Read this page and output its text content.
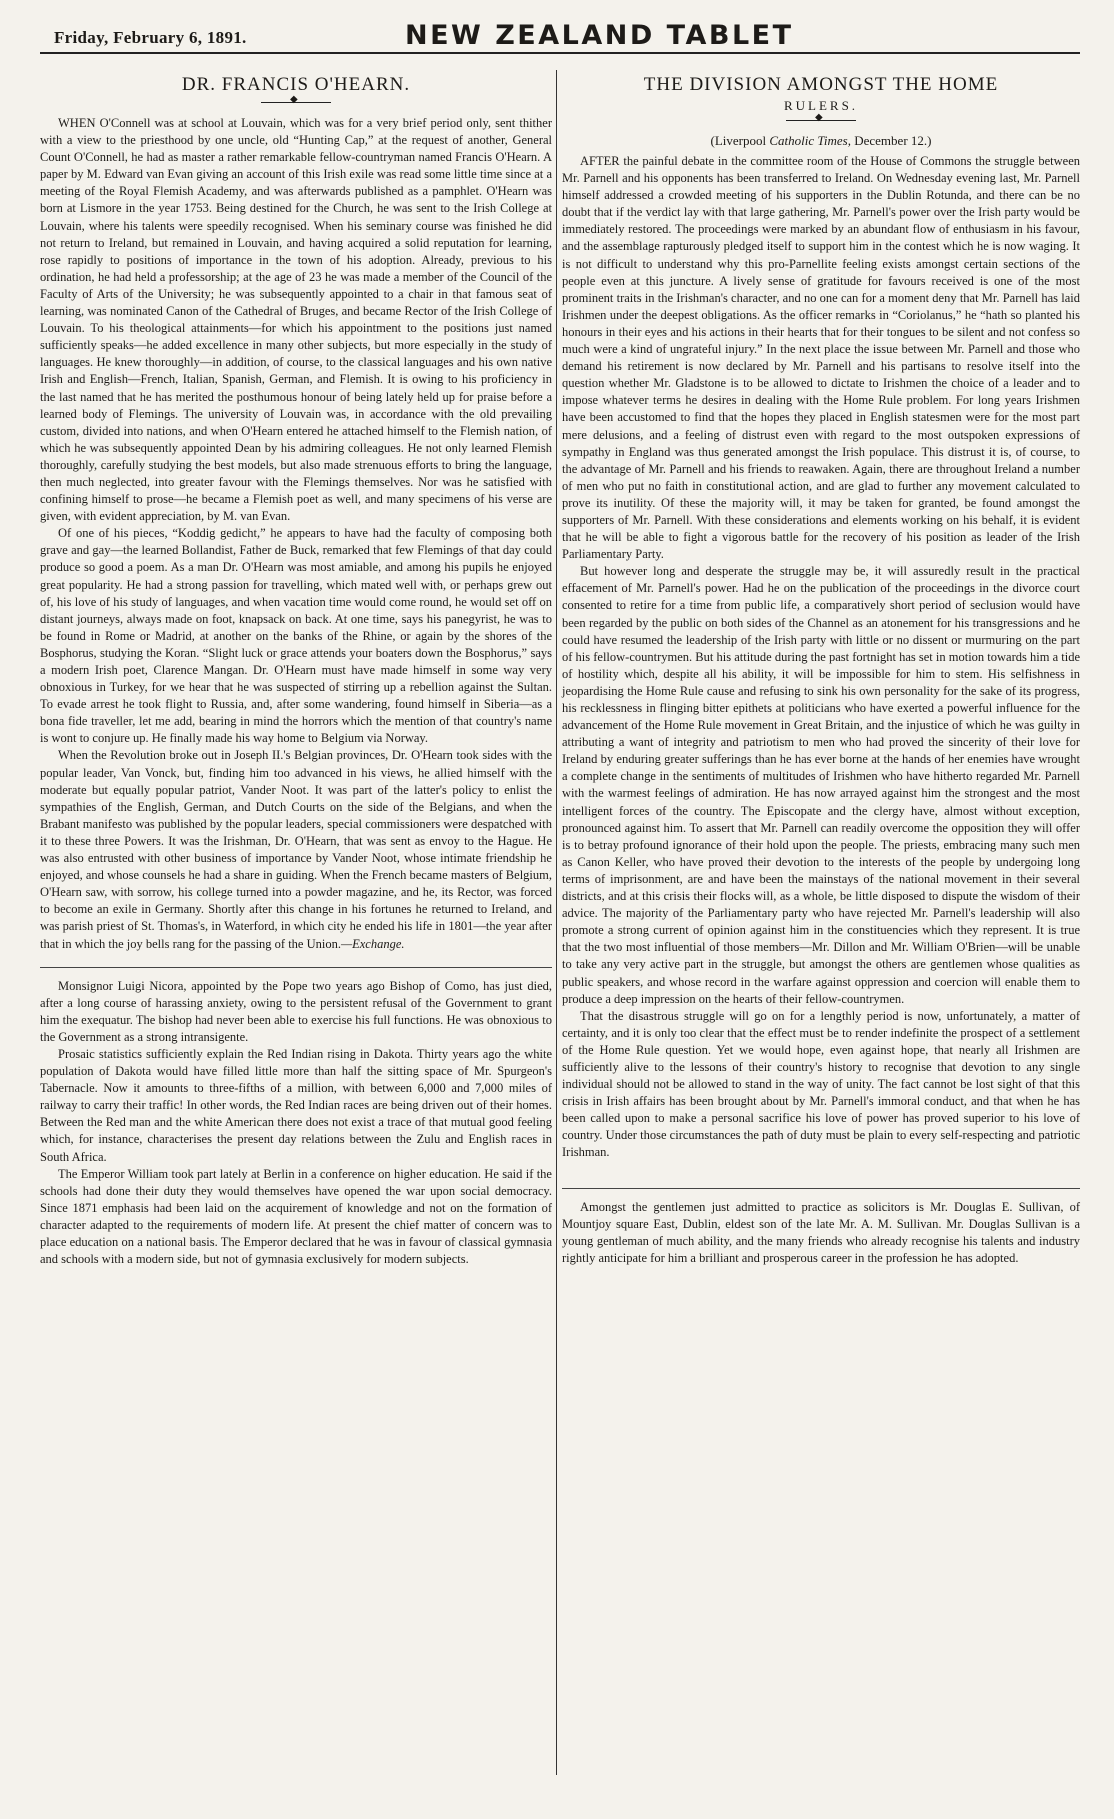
Friday, February 6, 1891.	NEW ZEALAND TABLET
DR. FRANCIS O'HEARN.
◆

WHEN O'Connell was at school at Louvain, which was for a very brief period only, sent thither with a view to the priesthood by one uncle, old “Hunting Cap,” at the request of another, General Count O'Connell, he had as master a rather remarkable fellow-countryman named Francis O'Hearn. A paper by M. Edward van Evan giving an account of this Irish exile was read some little time since at a meeting of the Royal Flemish Academy, and was afterwards published as a pamphlet. O'Hearn was born at Lismore in the year 1753. Being destined for the Church, he was sent to the Irish College at Louvain, where his talents were speedily recognised. When his seminary course was finished he did not return to Ireland, but remained in Louvain, and having acquired a solid reputation for learning, rose rapidly to positions of importance in the town of his adoption. Already, previous to his ordination, he had held a professorship; at the age of 23 he was made a member of the Council of the Faculty of Arts of the University; he was subsequently appointed to a chair in that famous seat of learning, was nominated Canon of the Cathedral of Bruges, and became Rector of the Irish College of Louvain. To his theological attainments—for which his appointment to the positions just named sufficiently speaks—he added excellence in many other subjects, but more especially in the study of languages. He knew thoroughly—in addition, of course, to the classical languages and his own native Irish and English—French, Italian, Spanish, German, and Flemish. It is owing to his proficiency in the last named that he has merited the posthumous honour of being lately held up for praise before a learned body of Flemings. The university of Louvain was, in accordance with the old prevailing custom, divided into nations, and when O'Hearn entered he attached himself to the Flemish nation, of which he was subsequently appointed Dean by his admiring colleagues. He not only learned Flemish thoroughly, carefully studying the best models, but also made strenuous efforts to bring the language, then much neglected, into greater favour with the Flemings themselves. Nor was he satisfied with confining himself to prose—he became a Flemish poet as well, and many specimens of his verse are given, with evident appreciation, by M. van Evan.

Of one of his pieces, “Koddig gedicht,” he appears to have had the faculty of composing both grave and gay—the learned Bollandist, Father de Buck, remarked that few Flemings of that day could produce so good a poem. As a man Dr. O'Hearn was most amiable, and among his pupils he enjoyed great popularity. He had a strong passion for travelling, which mated well with, or perhaps grew out of, his love of his study of languages, and when vacation time would come round, he would set off on distant journeys, always made on foot, knapsack on back. At one time, says his panegyrist, he was to be found in Rome or Madrid, at another on the banks of the Rhine, or again by the shores of the Bosphorus, studying the Koran. “Slight luck or grace attends your boaters down the Bosphorus,” says a modern Irish poet, Clarence Mangan. Dr. O'Hearn must have made himself in some way very obnoxious in Turkey, for we hear that he was suspected of stirring up a rebellion against the Sultan. To evade arrest he took flight to Russia, and, after some wandering, found himself in Siberia—as a bona fide traveller, let me add, bearing in mind the horrors which the mention of that country's name is wont to conjure up. He finally made his way home to Belgium via Norway.

When the Revolution broke out in Joseph II.'s Belgian provinces, Dr. O'Hearn took sides with the popular leader, Van Vonck, but, finding him too advanced in his views, he allied himself with the moderate but equally popular patriot, Vander Noot. It was part of the latter's policy to enlist the sympathies of the English, German, and Dutch Courts on the side of the Belgians, and when the Brabant manifesto was published by the popular leaders, special commissioners were despatched with it to these three Powers. It was the Irishman, Dr. O'Hearn, that was sent as envoy to the Hague. He was also entrusted with other business of importance by Vander Noot, whose intimate friendship he enjoyed, and whose counsels he had a share in guiding. When the French became masters of Belgium, O'Hearn saw, with sorrow, his college turned into a powder magazine, and he, its Rector, was forced to become an exile in Germany. Shortly after this change in his fortunes he returned to Ireland, and was parish priest of St. Thomas's, in Waterford, in which city he ended his life in 1801—the year after that in which the joy bells rang for the passing of the Union.—Exchange.

Monsignor Luigi Nicora, appointed by the Pope two years ago Bishop of Como, has just died, after a long course of harassing anxiety, owing to the persistent refusal of the Government to grant him the exequatur. The bishop had never been able to exercise his full functions. He was obnoxious to the Government as a strong intransigente.

Prosaic statistics sufficiently explain the Red Indian rising in Dakota. Thirty years ago the white population of Dakota would have filled little more than half the sitting space of Mr. Spurgeon's Tabernacle. Now it amounts to three-fifths of a million, with between 6,000 and 7,000 miles of railway to carry their traffic! In other words, the Red Indian races are being driven out of their homes. Between the Red man and the white American there does not exist a trace of that mutual good feeling which, for instance, characterises the present day relations between the Zulu and English races in South Africa.

The Emperor William took part lately at Berlin in a conference on higher education. He said if the schools had done their duty they would themselves have opened the war upon social democracy. Since 1871 emphasis had been laid on the acquirement of knowledge and not on the formation of character adapted to the requirements of modern life. At present the chief matter of concern was to place education on a national basis. The Emperor declared that he was in favour of classical gymnasia and schools with a modern side, but not of gymnasia exclusively for modern subjects.

THE DIVISION AMONGST THE HOME
RULERS.
◆
(Liverpool Catholic Times, December 12.)

AFTER the painful debate in the committee room of the House of Commons the struggle between Mr. Parnell and his opponents has been transferred to Ireland. On Wednesday evening last, Mr. Parnell himself addressed a crowded meeting of his supporters in the Dublin Rotunda, and there can be no doubt that if the verdict lay with that large gathering, Mr. Parnell's power over the Irish party would be immediately restored. The proceedings were marked by an abundant flow of enthusiasm in his favour, and the assemblage rapturously pledged itself to support him in the contest which he is now waging. It is not difficult to understand why this pro-Parnellite feeling exists amongst certain sections of the people even at this juncture. A lively sense of gratitude for favours received is one of the most prominent traits in the Irishman's character, and no one can for a moment deny that Mr. Parnell has laid Irishmen under the deepest obligations. As the officer remarks in “Coriolanus,” he “hath so planted his honours in their eyes and his actions in their hearts that for their tongues to be silent and not confess so much were a kind of ungrateful injury.” In the next place the issue between Mr. Parnell and those who demand his retirement is now declared by Mr. Parnell and his partisans to resolve itself into the question whether Mr. Gladstone is to be allowed to dictate to Irishmen the choice of a leader and to impose whatever terms he desires in dealing with the Home Rule problem. For long years Irishmen have been accustomed to find that the hopes they placed in English statesmen were for the most part mere delusions, and a feeling of distrust even with regard to the most outspoken expressions of sympathy in England was thus generated amongst the Irish populace. This distrust it is, of course, to the advantage of Mr. Parnell and his friends to reawaken. Again, there are throughout Ireland a number of men who put no faith in constitutional action, and are glad to further any movement calculated to prove its inutility. Of these the majority will, it may be taken for granted, be found amongst the supporters of Mr. Parnell. With these considerations and elements working on his behalf, it is evident that he will be able to fight a vigorous battle for the recovery of his position as leader of the Irish Parliamentary Party.

But however long and desperate the struggle may be, it will assuredly result in the practical effacement of Mr. Parnell's power. Had he on the publication of the proceedings in the divorce court consented to retire for a time from public life, a comparatively short period of seclusion would have been regarded by the public on both sides of the Channel as an atonement for his transgressions and he could have resumed the leadership of the Irish party with little or no dissent or murmuring on the part of his fellow-countrymen. But his attitude during the past fortnight has set in motion towards him a tide of hostility which, despite all his ability, it will be impossible for him to stem. His selfishness in jeopardising the Home Rule cause and refusing to sink his own personality for the sake of its progress, his recklessness in flinging bitter epithets at politicians who have exerted a powerful influence for the advancement of the Home Rule movement in Great Britain, and the injustice of which he was guilty in attributing a want of integrity and patriotism to men who had proved the sincerity of their love for Ireland by enduring greater sufferings than he has ever borne at the hands of her enemies have wrought a complete change in the sentiments of multitudes of Irishmen who have hitherto regarded Mr. Parnell with the warmest feelings of admiration. He has now arrayed against him the strongest and the most intelligent forces of the country. The Episcopate and the clergy have, almost without exception, pronounced against him. To assert that Mr. Parnell can readily overcome the opposition they will offer is to betray profound ignorance of their hold upon the people. The priests, embracing many such men as Canon Keller, who have proved their devotion to the interests of the people by undergoing long terms of imprisonment, are and have been the mainstays of the national movement in their several districts, and at this crisis their flocks will, as a whole, be little disposed to dispute the wisdom of their advice. The majority of the Parliamentary party who have rejected Mr. Parnell's leadership will also promote a strong current of opinion against him in the constituencies which they represent. It is true that the two most influential of those members—Mr. Dillon and Mr. William O'Brien—will be unable to take any very active part in the struggle, but amongst the others are gentlemen whose qualities as public speakers, and whose record in the warfare against oppression and coercion will enable them to produce a deep impression on the hearts of their fellow-countrymen.

That the disastrous struggle will go on for a lengthly period is now, unfortunately, a matter of certainty, and it is only too clear that the effect must be to render indefinite the prospect of a settlement of the Home Rule question. Yet we would hope, even against hope, that nearly all Irishmen are sufficiently alive to the lessons of their country's history to recognise that devotion to any single individual should not be allowed to stand in the way of unity. The fact cannot be lost sight of that this crisis in Irish affairs has been brought about by Mr. Parnell's immoral conduct, and that when he has been called upon to make a personal sacrifice his love of power has proved superior to his love of country. Under those circumstances the path of duty must be plain to every self-respecting and patriotic Irishman.

Amongst the gentlemen just admitted to practice as solicitors is Mr. Douglas E. Sullivan, of Mountjoy square East, Dublin, eldest son of the late Mr. A. M. Sullivan. Mr. Douglas Sullivan is a young gentleman of much ability, and the many friends who already recognise his talents and industry rightly anticipate for him a brilliant and prosperous career in the profession he has adopted.
